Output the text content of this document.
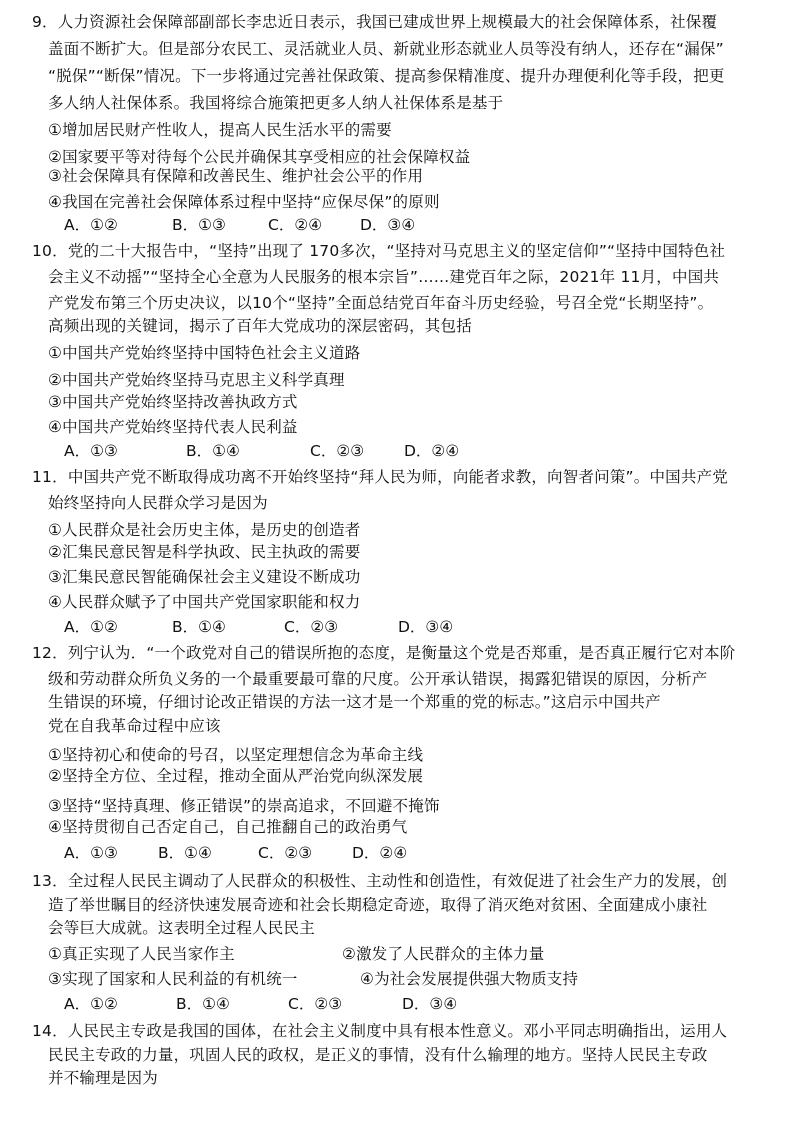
9．人力资源社会保障部副部长李忠近日表示，我国已建成世界上规模最大的社会保障体系，社保覆
盖面不断扩大。但是部分农民工、灵活就业人员、新就业形态就业人员等没有纳人，还存在“漏保”
“脱保”“断保”情况。下一步将通过完善社保政策、提高参保精准度、提升办理便利化等手段，把更
多人纳人社保体系。我国将综合施策把更多人纳人社保体系是基于
①增加居民财产性收人，提高人民生活水平的需要
②国家要平等对待每个公民并确保其享受相应的社会保障权益
③社会保障具有保障和改善民生、维护社会公平的作用
④我国在完善社会保障体系过程中坚持“应保尽保”的原则
A．①②	B．①③	C．②④ D．③④
10．党的二十大报告中，“坚持”出现了 170多次，“坚持对马克思主义的坚定信仰”“坚持中国特色社
会主义不动摇”“坚持全心全意为人民服务的根本宗旨”……建党百年之际，2021年 11月，中国共
产党发布第三个历史决议，以10个“坚持”全面总结党百年奋斗历史经验，号召全党“长期坚持”。
高频出现的关键词，揭示了百年大党成功的深层密码，其包括
①中国共产党始终坚持中国特色社会主义道路
②中国共产党始终坚持马克思主义科学真理
③中国共产党始终坚持改善执政方式
④中国共产党始终坚持代表人民利益
A．①③	B．①④	C．②③	D．②④
11．中国共产党不断取得成功离不开始终坚持“拜人民为师，向能者求教，向智者问策”。中国共产党
始终坚持向人民群众学习是因为
①人民群众是社会历史主体，是历史的创造者
②汇集民意民智是科学执政、民主执政的需要
③汇集民意民智能确保社会主义建设不断成功
④人民群众赋予了中国共产党国家职能和权力
A．①②	B．①④	C．②③	D．③④
12．列宁认为．“一个政党对自己的错误所抱的态度，是衡量这个党是否郑重，是否真正履行它对本阶
级和劳动群众所负义务的一个最重要最可靠的尺度。公开承认错误，揭露犯错误的原因，分析产
生错误的环境，仔细讨论改正错误的方法一这才是一个郑重的党的标志。”这启示中国共产
党在自我革命过程中应该
①坚持初心和使命的号召，以坚定理想信念为革命主线
②坚持全方位、全过程，推动全面从严治党向纵深发展
③坚持“坚持真理、修正错误”的崇高追求，不回避不掩饰
④坚持贯彻自己否定自己，自己推翻自己的政治勇气
A．①③	B．①④	C．②③	D．②④
13．全过程人民民主调动了人民群众的积极性、主动性和创造性，有效促进了社会生产力的发展，创
造了举世瞩目的经济快速发展奇迹和社会长期稳定奇迹，取得了消灭绝对贫困、全面建成小康社
会等巨大成就。这表明全过程人民民主
①真正实现了人民当家作主	②激发了人民群众的主体力量
③实现了国家和人民利益的有机统一	④为社会发展提供强大物质支持
A．①②	B．①④	C．②③	D．③④
14．人民民主专政是我国的国体，在社会主义制度中具有根本性意义。邓小平同志明确指出，运用人
民民主专政的力量，巩固人民的政权，是正义的事情，没有什么输理的地方。坚持人民民主专政
并不输理是因为
